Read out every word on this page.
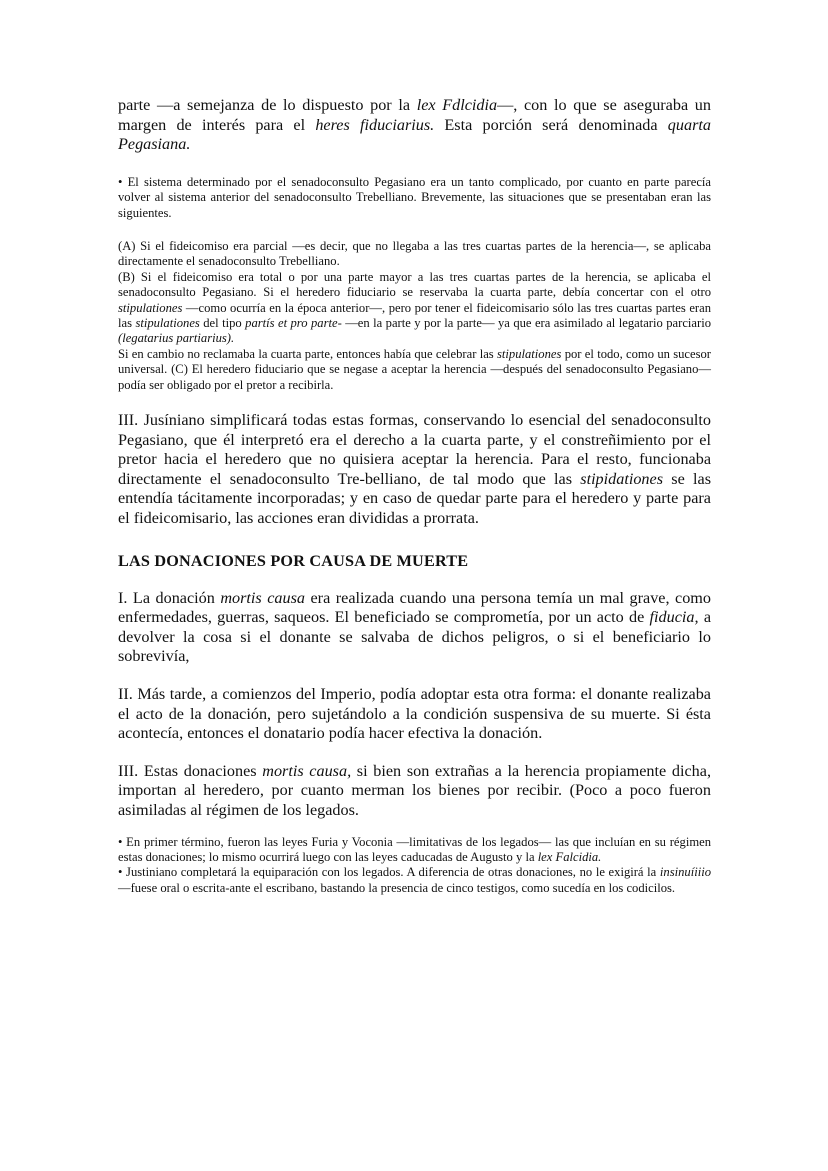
parte —a semejanza de lo dispuesto por la lex Fdlcidia—, con lo que se aseguraba un margen de interés para el heres fiduciarius. Esta porción será denominada quarta Pegasiana.

• El sistema determinado por el senadoconsulto Pegasiano era un tanto complicado, por cuanto en parte parecía volver al sistema anterior del senadoconsulto Trebelliano. Brevemente, las situaciones que se presentaban eran las siguientes.

(A) Si el fideicomiso era parcial —es decir, que no llegaba a las tres cuartas partes de la herencia—, se aplicaba directamente el senadoconsulto Trebelliano.

(B) Si el fideicomiso era total o por una parte mayor a las tres cuartas partes de la herencia, se aplicaba el senadoconsulto Pegasiano. Si el heredero fiduciario se reservaba la cuarta parte, debía concertar con el otro stipulationes —como ocurría en la época anterior—, pero por tener el fideicomisario sólo las tres cuartas partes eran las stipulationes del tipo partís et pro parte- —en la parte y por la parte— ya que era asimilado al legatario parciario (legatarius partiarius).

Si en cambio no reclamaba la cuarta parte, entonces había que celebrar las stipulationes por el todo, como un sucesor universal. (C) El heredero fiduciario que se negase a aceptar la herencia —después del senadoconsulto Pegasiano— podía ser obligado por el pretor a recibirla.

III. Jusíniano simplificará todas estas formas, conservando lo esencial del senadoconsulto Pegasiano, que él interpretó era el derecho a la cuarta parte, y el constreñimiento por el pretor hacia el heredero que no quisiera aceptar la herencia. Para el resto, funcionaba directamente el senadoconsulto Tre-belliano, de tal modo que las stipidationes se las entendía tácitamente incorporadas; y en caso de quedar parte para el heredero y parte para el fideicomisario, las acciones eran divididas a prorrata.

LAS DONACIONES POR CAUSA DE MUERTE

I. La donación mortis causa era realizada cuando una persona temía un mal grave, como enfermedades, guerras, saqueos. El beneficiado se comprometía, por un acto de fiducia, a devolver la cosa si el donante se salvaba de dichos peligros, o si el beneficiario lo sobrevivía,

II. Más tarde, a comienzos del Imperio, podía adoptar esta otra forma: el donante realizaba el acto de la donación, pero sujetándolo a la condición suspensiva de su muerte. Si ésta acontecía, entonces el donatario podía hacer efectiva la donación.

III. Estas donaciones mortis causa, si bien son extrañas a la herencia propiamente dicha, importan al heredero, por cuanto merman los bienes por recibir. (Poco a poco fueron asimiladas al régimen de los legados.

• En primer término, fueron las leyes Furia y Voconia —limitativas de los legados— las que incluían en su régimen estas donaciones; lo mismo ocurrirá luego con las leyes caducadas de Augusto y la lex Falcidia.

• Justiniano completará la equiparación con los legados. A diferencia de otras donaciones, no le exigirá la insinuíiiio —fuese oral o escrita-ante el escribano, bastando la presencia de cinco testigos, como sucedía en los codicilos.
